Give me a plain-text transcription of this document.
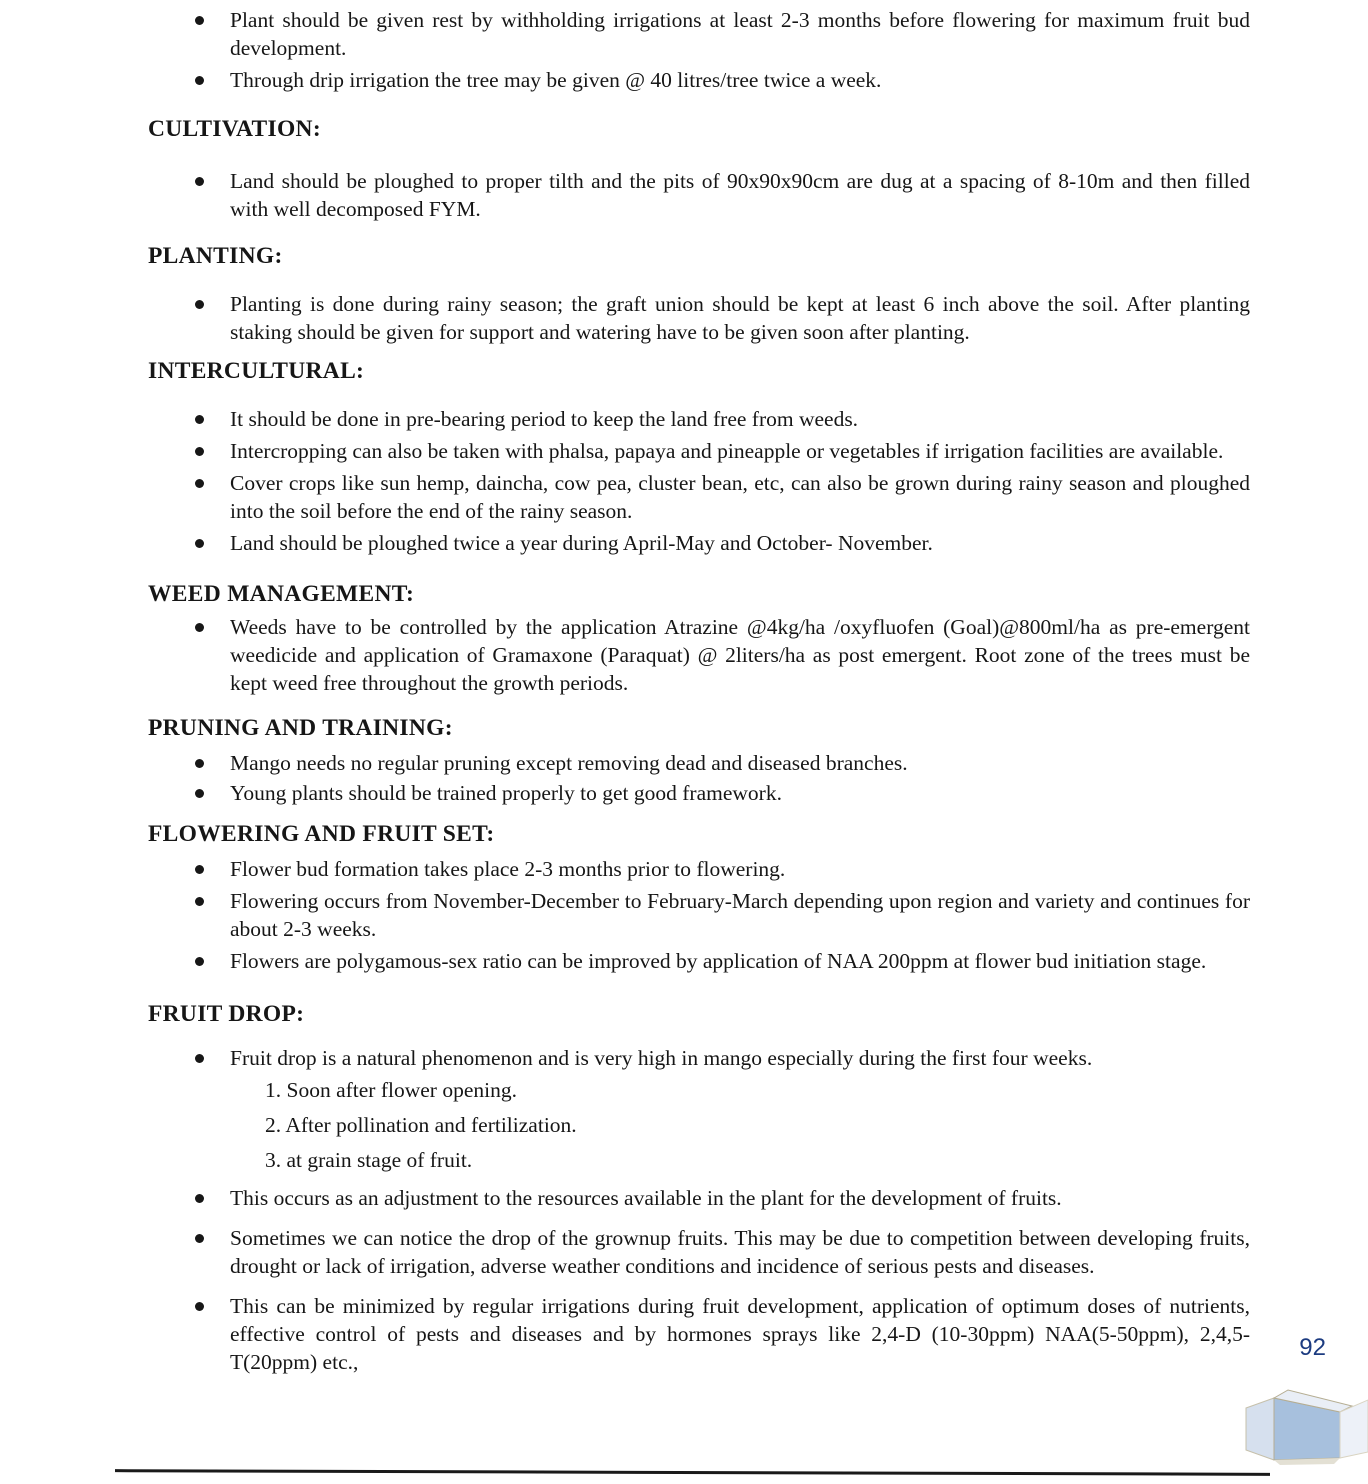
Plant should be given rest by withholding irrigations at least 2-3 months before flowering for maximum fruit bud development.
Through drip irrigation the tree may be given @ 40 litres/tree twice a week.
CULTIVATION:
Land should be ploughed to proper tilth and the pits of 90x90x90cm are dug at a spacing of 8-10m and then filled with well decomposed FYM.
PLANTING:
Planting is done during rainy season; the graft union should be kept at least 6 inch above the soil. After planting staking should be given for support and watering have to be given soon after planting.
INTERCULTURAL:
It should be done in pre-bearing period to keep the land free from weeds.
Intercropping can also be taken with phalsa, papaya and pineapple or vegetables if irrigation facilities are available.
Cover crops like sun hemp, daincha, cow pea, cluster bean, etc, can also be grown during rainy season and ploughed into the soil before the end of the rainy season.
Land should be ploughed twice a year during April-May and October- November.
WEED MANAGEMENT:
Weeds have to be controlled by the application Atrazine @4kg/ha /oxyfluofen (Goal)@800ml/ha as pre-emergent weedicide and application of Gramaxone (Paraquat) @ 2liters/ha as post emergent. Root zone of the trees must be kept weed free throughout the growth periods.
PRUNING AND TRAINING:
Mango needs no regular pruning except removing dead and diseased branches.
Young plants should be trained properly to get good framework.
FLOWERING AND FRUIT SET:
Flower bud formation takes place 2-3 months prior to flowering.
Flowering occurs from November-December to February-March depending upon region and variety and continues for about 2-3 weeks.
Flowers are polygamous-sex ratio can be improved by application of NAA 200ppm at flower bud initiation stage.
FRUIT DROP:
Fruit drop is a natural phenomenon and is very high in mango especially during the first four weeks.
1. Soon after flower opening.
2. After pollination and fertilization.
3. at grain stage of fruit.
This occurs as an adjustment to the resources available in the plant for the development of fruits.
Sometimes we can notice the drop of the grownup fruits. This may be due to competition between developing fruits, drought or lack of irrigation, adverse weather conditions and incidence of serious pests and diseases.
This can be minimized by regular irrigations during fruit development, application of optimum doses of nutrients, effective control of pests and diseases and by hormones sprays like 2,4-D (10-30ppm) NAA(5-50ppm), 2,4,5-T(20ppm) etc.,
92
